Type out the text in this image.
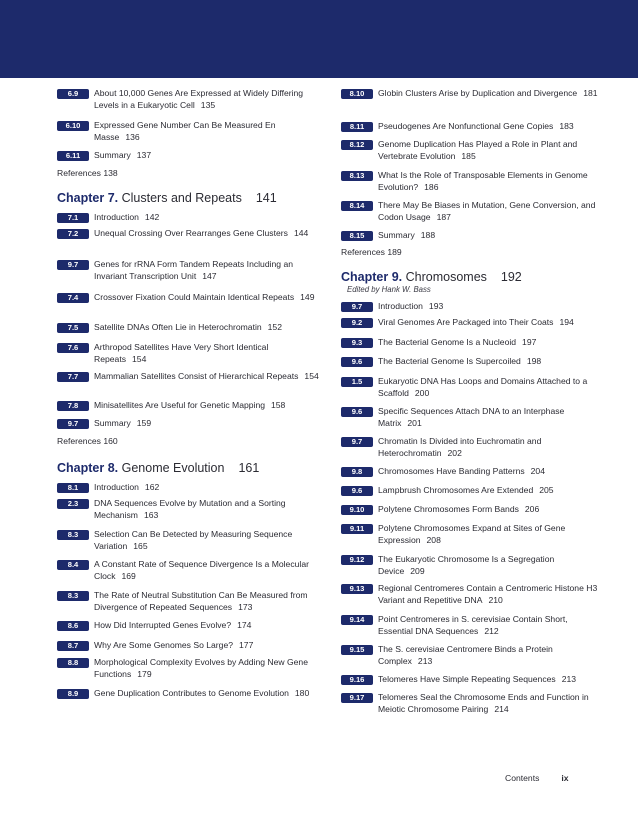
6.9	About 10,000 Genes Are Expressed at Widely Differing Levels in a Eukaryotic Cell 135
6.10	Expressed Gene Number Can Be Measured En Masse 136
6.11	Summary 137
References 138
Chapter 7. Clusters and Repeats 141
7.1	Introduction 142
7.2	Unequal Crossing Over Rearranges Gene Clusters 144
9.7	Genes for rRNA Form Tandem Repeats Including an Invariant Transcription Unit 147
7.4	Crossover Fixation Could Maintain Identical Repeats 149
7.5	Satellite DNAs Often Lie in Heterochromatin 152
7.6	Arthropod Satellites Have Very Short Identical Repeats 154
7.7	Mammalian Satellites Consist of Hierarchical Repeats 154
7.8	Minisatellites Are Useful for Genetic Mapping 158
9.7	Summary 159
References 160
Chapter 8. Genome Evolution 161
8.1	Introduction 162
2.3	DNA Sequences Evolve by Mutation and a Sorting Mechanism 163
8.3	Selection Can Be Detected by Measuring Sequence Variation 165
8.4	A Constant Rate of Sequence Divergence Is a Molecular Clock 169
8.3	The Rate of Neutral Substitution Can Be Measured from Divergence of Repeated Sequences 173
8.6	How Did Interrupted Genes Evolve? 174
8.7	Why Are Some Genomes So Large? 177
8.8	Morphological Complexity Evolves by Adding New Gene Functions 179
8.9	Gene Duplication Contributes to Genome Evolution 180
8.10	Globin Clusters Arise by Duplication and Divergence 181
8.11	Pseudogenes Are Nonfunctional Gene Copies 183
8.12	Genome Duplication Has Played a Role in Plant and Vertebrate Evolution 185
8.13	What Is the Role of Transposable Elements in Genome Evolution? 186
8.14	There May Be Biases in Mutation, Gene Conversion, and Codon Usage 187
8.15	Summary 188
References 189
Chapter 9. Chromosomes 192
Edited by Hank W. Bass
9.7	Introduction 193
9.2	Viral Genomes Are Packaged into Their Coats 194
9.3	The Bacterial Genome Is a Nucleoid 197
9.6	The Bacterial Genome Is Supercoiled 198
1.5	Eukaryotic DNA Has Loops and Domains Attached to a Scaffold 200
9.6	Specific Sequences Attach DNA to an Interphase Matrix 201
9.7	Chromatin Is Divided into Euchromatin and Heterochromatin 202
9.8	Chromosomes Have Banding Patterns 204
9.6	Lampbrush Chromosomes Are Extended 205
9.10	Polytene Chromosomes Form Bands 206
9.11	Polytene Chromosomes Expand at Sites of Gene Expression 208
9.12	The Eukaryotic Chromosome Is a Segregation Device 209
9.13	Regional Centromeres Contain a Centromeric Histone H3 Variant and Repetitive DNA 210
9.14	Point Centromeres in S. cerevisiae Contain Short, Essential DNA Sequences 212
9.15	The S. cerevisiae Centromere Binds a Protein Complex 213
9.16	Telomeres Have Simple Repeating Sequences 213
9.17	Telomeres Seal the Chromosome Ends and Function in Meiotic Chromosome Pairing 214
Contents	ix
